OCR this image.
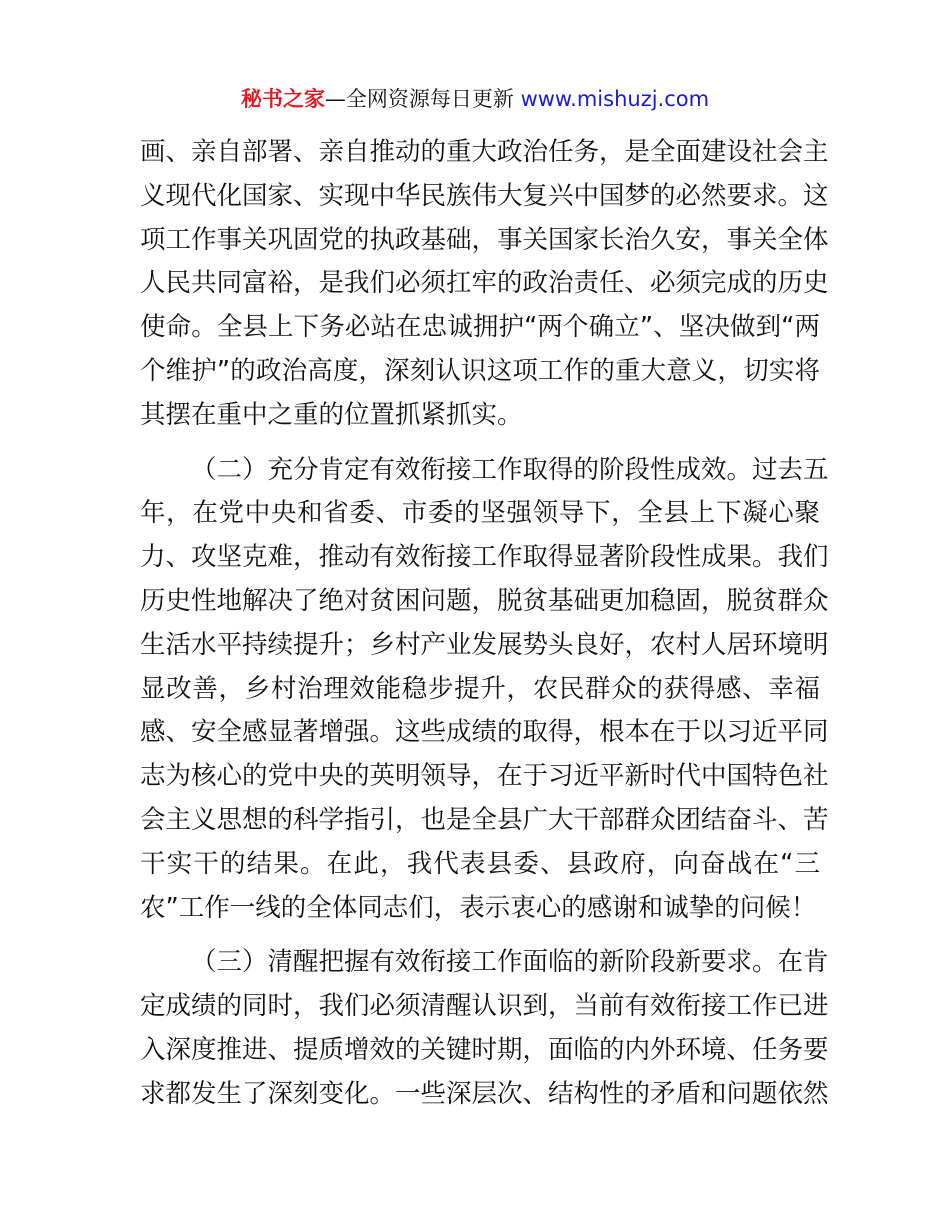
秘书之家—全网资源每日更新 www.mishuzj.com
画、亲自部署、亲自推动的重大政治任务，是全面建设社会主
义现代化国家、实现中华民族伟大复兴中国梦的必然要求。这
项工作事关巩固党的执政基础，事关国家长治久安，事关全体
人民共同富裕，是我们必须扛牢的政治责任、必须完成的历史
使命。全县上下务必站在忠诚拥护“两个确立”、坚决做到“两
个维护”的政治高度，深刻认识这项工作的重大意义，切实将
其摆在重中之重的位置抓紧抓实。
（二）充分肯定有效衔接工作取得的阶段性成效。过去五
年，在党中央和省委、市委的坚强领导下，全县上下凝心聚
力、攻坚克难，推动有效衔接工作取得显著阶段性成果。我们
历史性地解决了绝对贫困问题，脱贫基础更加稳固，脱贫群众
生活水平持续提升；乡村产业发展势头良好，农村人居环境明
显改善，乡村治理效能稳步提升，农民群众的获得感、幸福
感、安全感显著增强。这些成绩的取得，根本在于以习近平同
志为核心的党中央的英明领导，在于习近平新时代中国特色社
会主义思想的科学指引，也是全县广大干部群众团结奋斗、苦
干实干的结果。在此，我代表县委、县政府，向奋战在“三
农”工作一线的全体同志们，表示衷心的感谢和诚挚的问候！
（三）清醒把握有效衔接工作面临的新阶段新要求。在肯
定成绩的同时，我们必须清醒认识到，当前有效衔接工作已进
入深度推进、提质增效的关键时期，面临的内外环境、任务要
求都发生了深刻变化。一些深层次、结构性的矛盾和问题依然
